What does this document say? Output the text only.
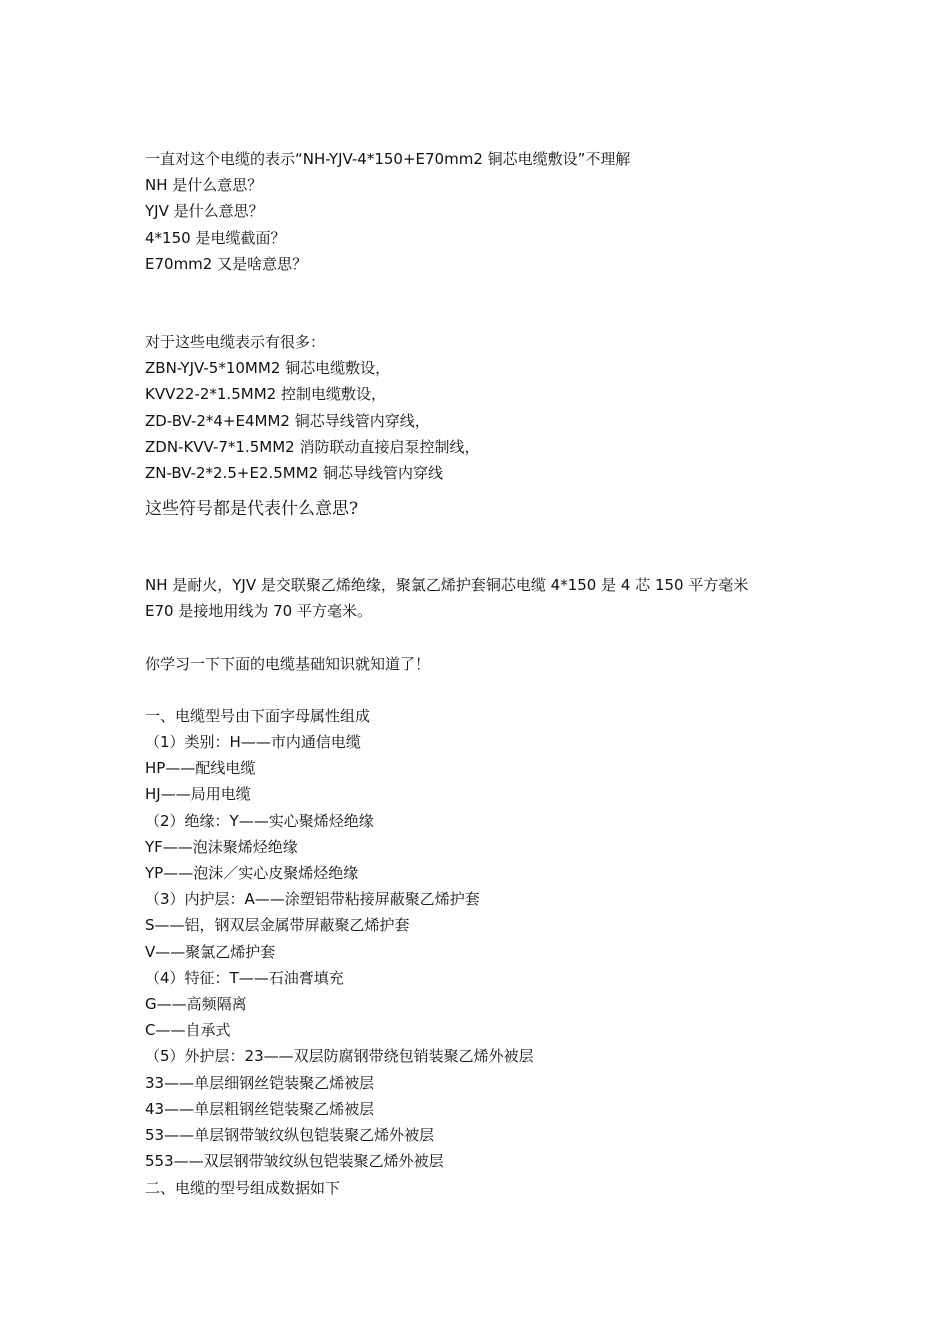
一直对这个电缆的表示“NH-YJV-4*150+E70mm2 铜芯电缆敷设”不理解
NH 是什么意思？
YJV 是什么意思？
4*150 是电缆截面？
E70mm2 又是啥意思？
对于这些电缆表示有很多：
ZBN-YJV-5*10MM2 铜芯电缆敷设，
KVV22-2*1.5MM2 控制电缆敷设，
ZD-BV-2*4+E4MM2 铜芯导线管内穿线，
ZDN-KVV-7*1.5MM2 消防联动直接启泵控制线，
ZN-BV-2*2.5+E2.5MM2 铜芯导线管内穿线
这些符号都是代表什么意思?
NH 是耐火，YJV 是交联聚乙烯绝缘，聚氯乙烯护套铜芯电缆 4*150 是 4 芯 150 平方毫米
E70 是接地用线为 70 平方毫米。
你学习一下下面的电缆基础知识就知道了！
一、电缆型号由下面字母属性组成
（1）类别：H——市内通信电缆
HP——配线电缆
HJ——局用电缆
（2）绝缘：Y——实心聚烯烃绝缘
YF——泡沫聚烯烃绝缘
YP——泡沫／实心皮聚烯烃绝缘
（3）内护层：A——涂塑铝带粘接屏蔽聚乙烯护套
S——铝，钢双层金属带屏蔽聚乙烯护套
V——聚氯乙烯护套
（4）特征：T——石油膏填充
G——高频隔离
C——自承式
（5）外护层：23——双层防腐钢带绕包销装聚乙烯外被层
33——单层细钢丝铠装聚乙烯被层
43——单层粗钢丝铠装聚乙烯被层
53——单层钢带皱纹纵包铠装聚乙烯外被层
553——双层钢带皱纹纵包铠装聚乙烯外被层
二、电缆的型号组成数据如下
